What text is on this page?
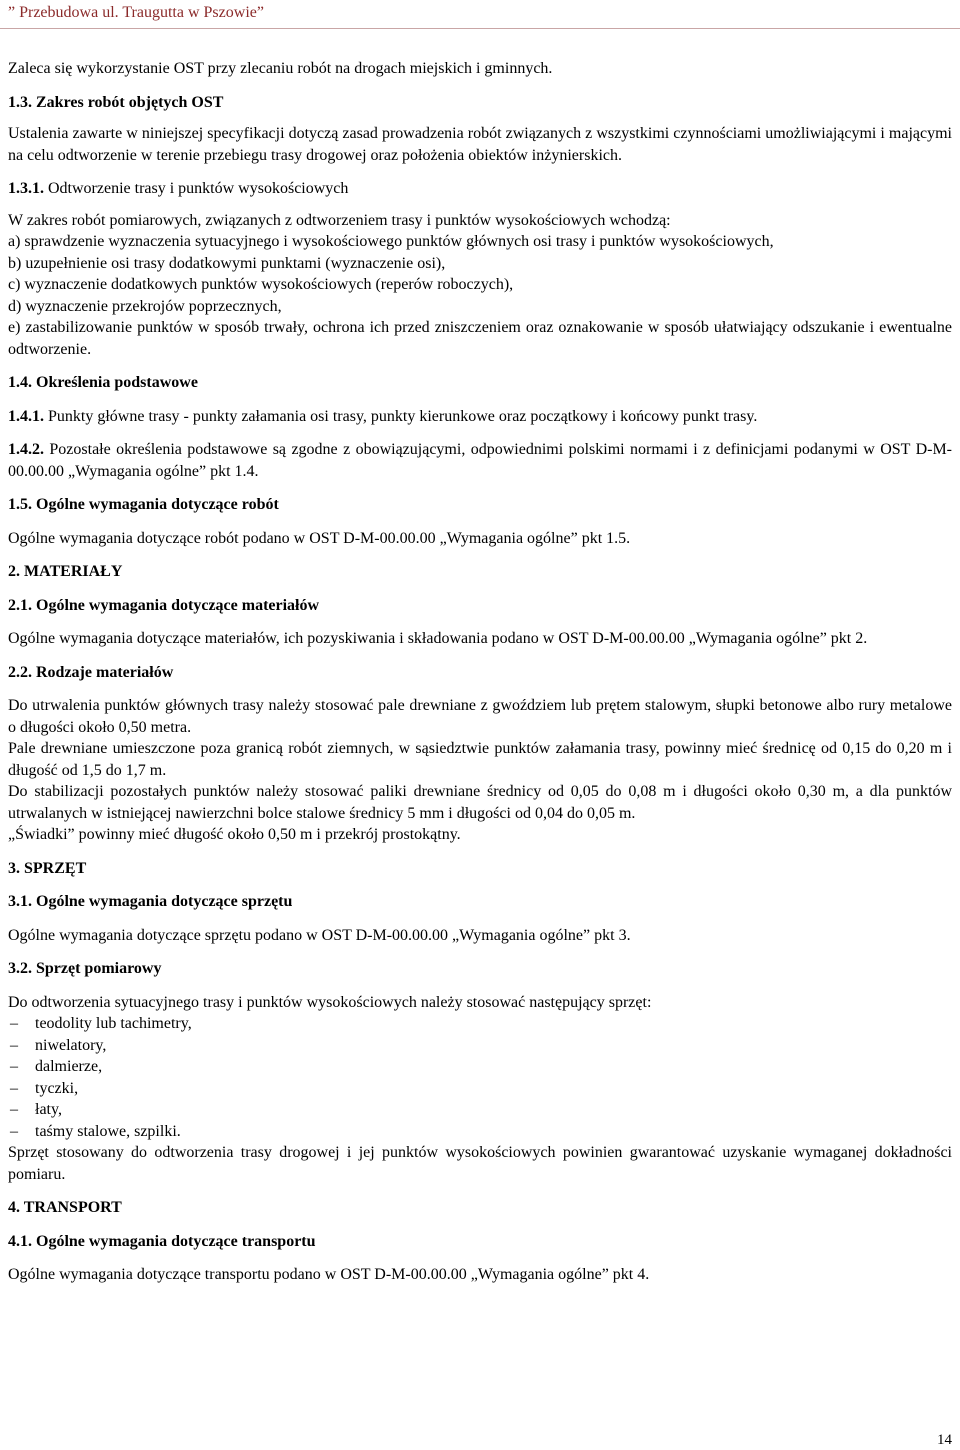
” Przebudowa ul. Traugutta w Pszowie”

Zaleca się wykorzystanie OST przy zlecaniu robót na drogach miejskich i gminnych.

1.3. Zakres robót objętych OST

Ustalenia zawarte w niniejszej specyfikacji dotyczą zasad prowadzenia robót związanych z wszystkimi czynnościami umożliwiającymi i mającymi na celu odtworzenie w terenie przebiegu trasy drogowej oraz położenia obiektów inżynierskich.

1.3.1. Odtworzenie trasy i punktów wysokościowych

W zakres robót pomiarowych, związanych z odtworzeniem trasy i punktów wysokościowych wchodzą:

a) sprawdzenie wyznaczenia sytuacyjnego i wysokościowego punktów głównych osi trasy i punktów wysokościowych,

b) uzupełnienie osi trasy dodatkowymi punktami (wyznaczenie osi),

c) wyznaczenie dodatkowych punktów wysokościowych (reperów roboczych),

d) wyznaczenie przekrojów poprzecznych,

e) zastabilizowanie punktów w sposób trwały, ochrona ich przed zniszczeniem oraz oznakowanie w sposób ułatwiający odszukanie i ewentualne odtworzenie.

1.4. Określenia podstawowe

1.4.1. Punkty główne trasy - punkty załamania osi trasy, punkty kierunkowe oraz początkowy i końcowy punkt trasy.

1.4.2. Pozostałe określenia podstawowe są zgodne z obowiązującymi, odpowiednimi polskimi normami i z definicjami podanymi w OST D-M-00.00.00 „Wymagania ogólne” pkt 1.4.

1.5. Ogólne wymagania dotyczące robót

Ogólne wymagania dotyczące robót podano w OST D-M-00.00.00 „Wymagania ogólne” pkt 1.5.

2. MATERIAŁY

2.1. Ogólne wymagania dotyczące materiałów

Ogólne wymagania dotyczące materiałów, ich pozyskiwania i składowania podano w OST D-M-00.00.00 „Wymagania ogólne” pkt 2.

2.2. Rodzaje materiałów

Do utrwalenia punktów głównych trasy należy stosować pale drewniane z gwoździem lub prętem stalowym, słupki betonowe albo rury metalowe o długości około 0,50 metra.

Pale drewniane umieszczone poza granicą robót ziemnych, w sąsiedztwie punktów załamania trasy, powinny mieć średnicę od 0,15 do 0,20 m i długość od 1,5 do 1,7 m.

Do stabilizacji pozostałych punktów należy stosować paliki drewniane średnicy od 0,05 do 0,08 m i długości około 0,30 m, a dla punktów utrwalanych w istniejącej nawierzchni bolce stalowe średnicy 5 mm i długości od 0,04 do 0,05 m.

„Świadki” powinny mieć długość około 0,50 m i przekrój prostokątny.

3. SPRZĘT

3.1. Ogólne wymagania dotyczące sprzętu

Ogólne wymagania dotyczące sprzętu podano w OST D-M-00.00.00 „Wymagania ogólne” pkt 3.

3.2. Sprzęt pomiarowy

Do odtworzenia sytuacyjnego trasy i punktów wysokościowych należy stosować następujący sprzęt:

– teodolity lub tachimetry,

– niwelatory,

– dalmierze,

– tyczki,

– łaty,

– taśmy stalowe, szpilki.

Sprzęt stosowany do odtworzenia trasy drogowej i jej punktów wysokościowych powinien gwarantować uzyskanie wymaganej dokładności pomiaru.

4. TRANSPORT

4.1. Ogólne wymagania dotyczące transportu

Ogólne wymagania dotyczące transportu podano w OST D-M-00.00.00 „Wymagania ogólne” pkt 4.

14
